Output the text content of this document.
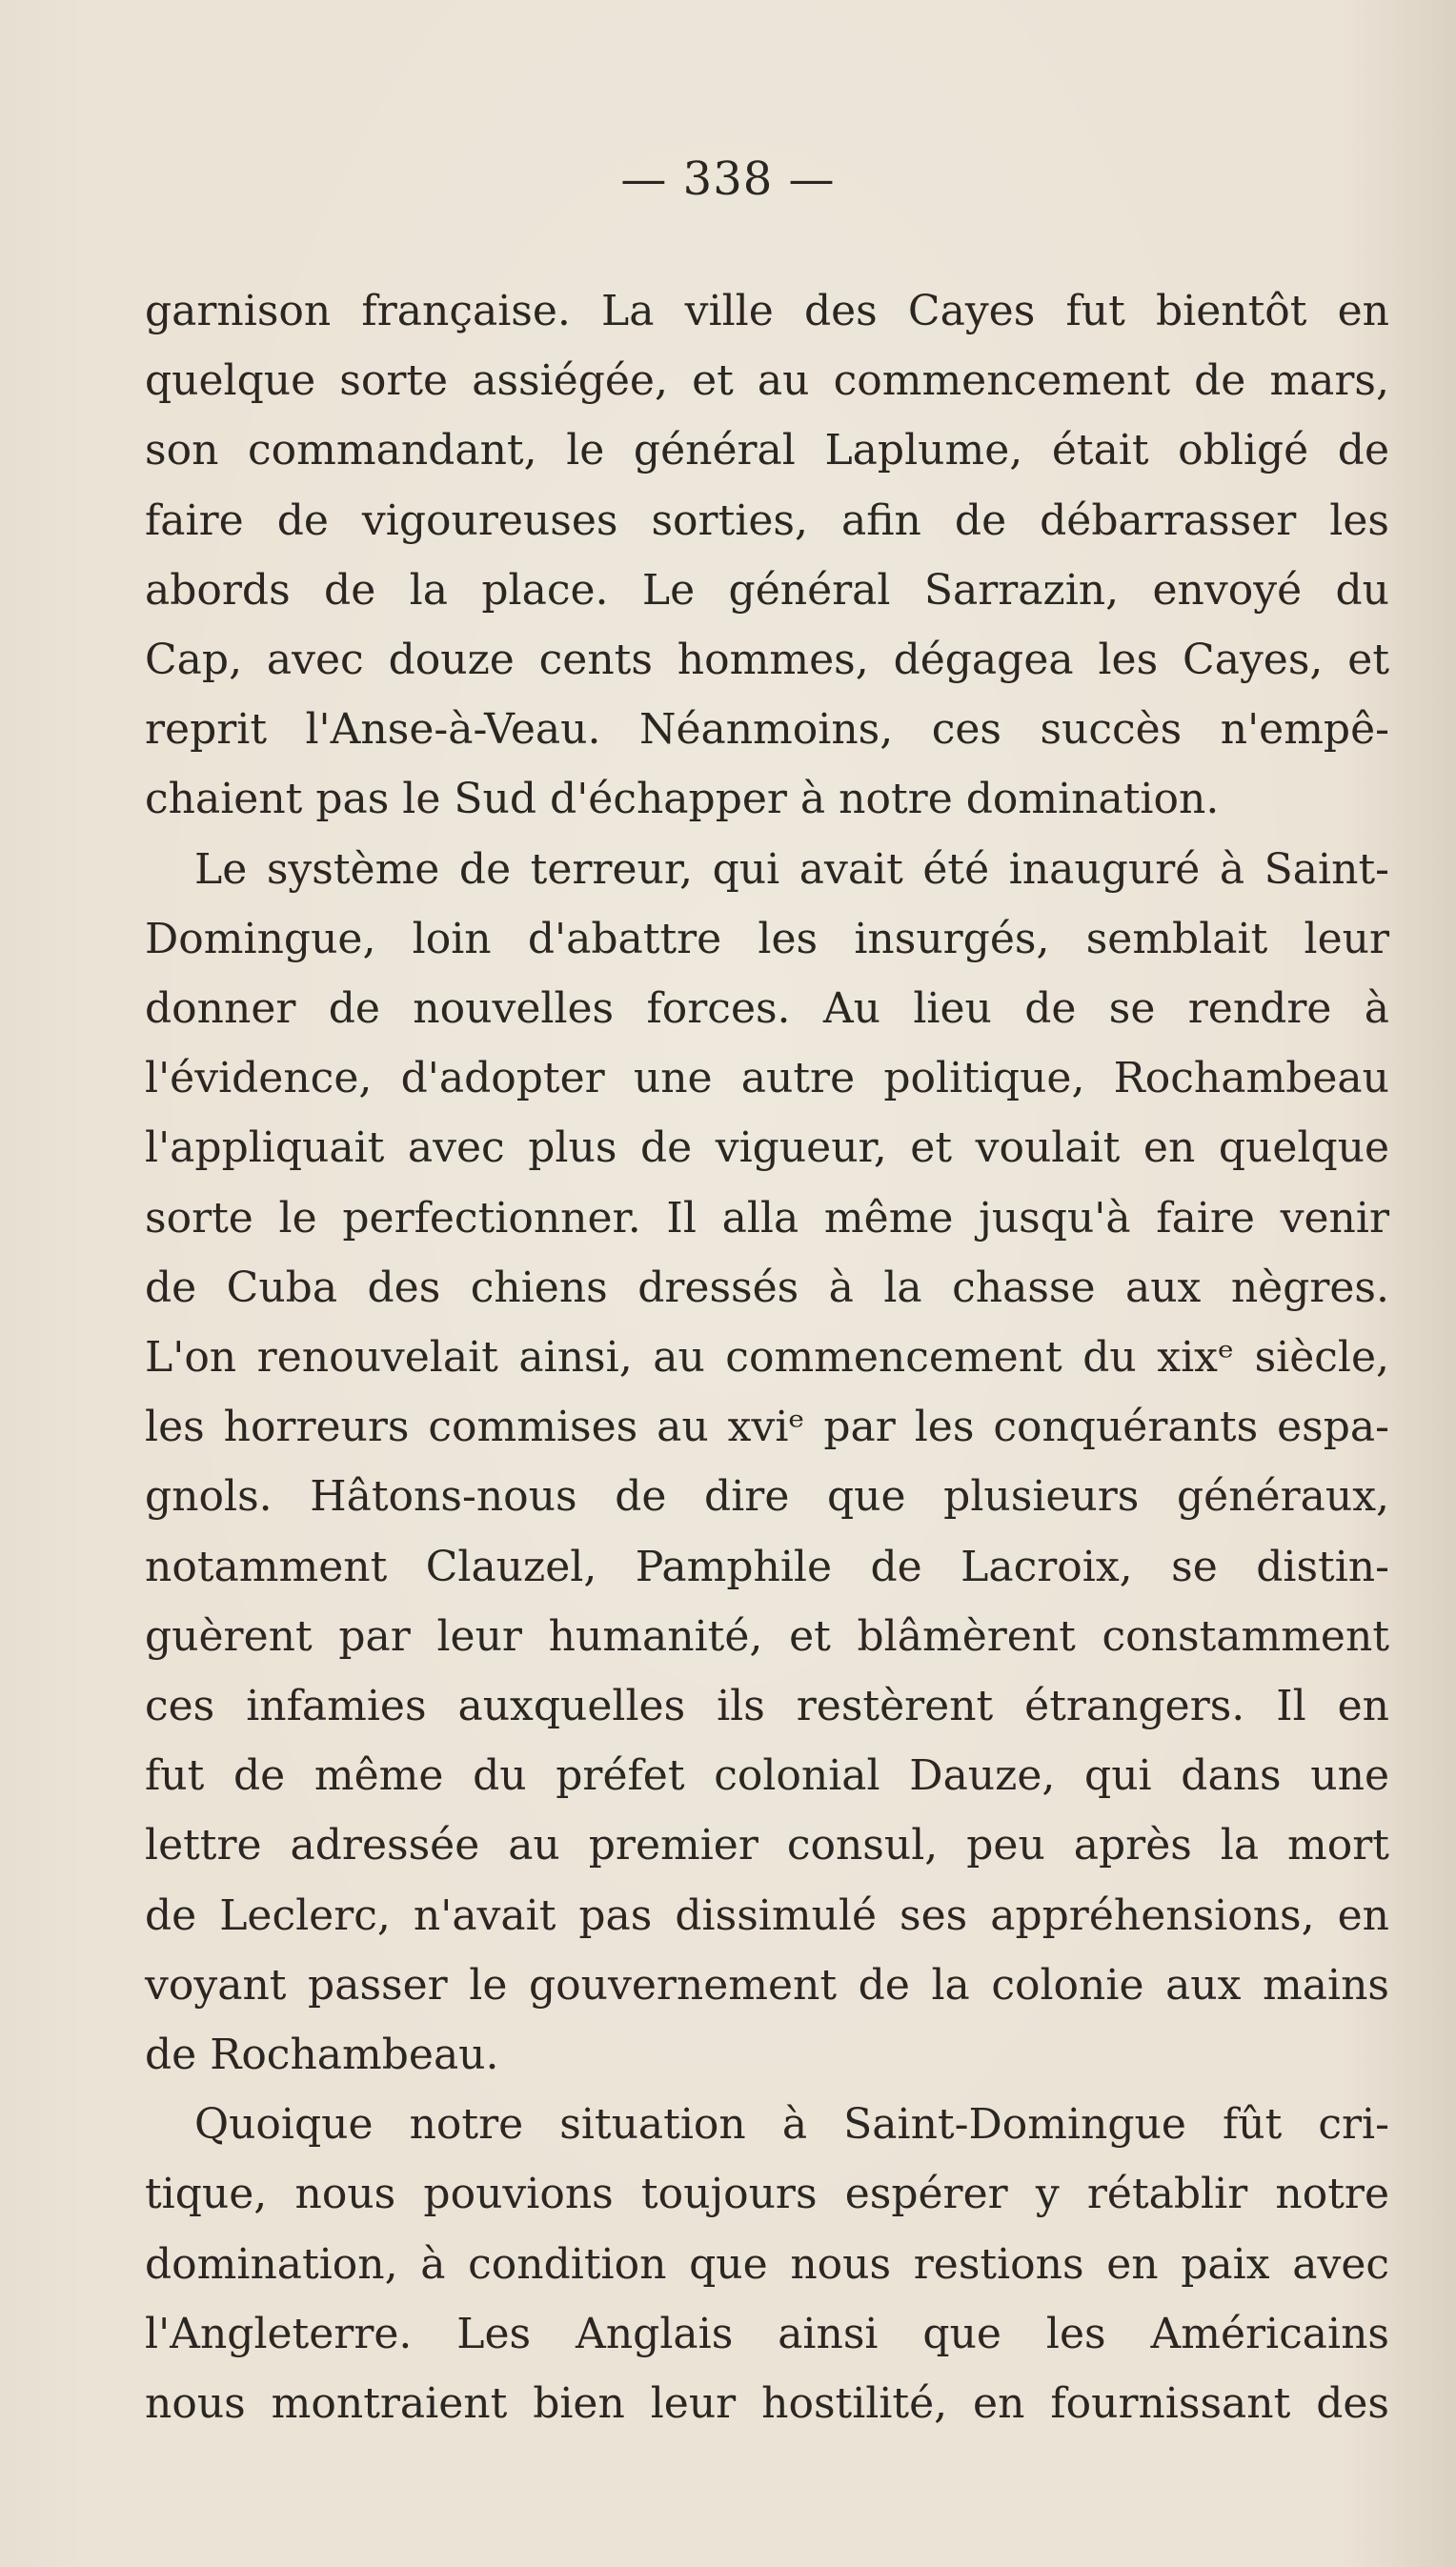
— 338 —

garnison française. La ville des Cayes fut bientôt en
quelque sorte assiégée, et au commencement de mars,
son commandant, le général Laplume, était obligé de
faire de vigoureuses sorties, afin de débarrasser les
abords de la place. Le général Sarrazin, envoyé du
Cap, avec douze cents hommes, dégagea les Cayes, et
reprit l'Anse-à-Veau. Néanmoins, ces succès n'empê-
chaient pas le Sud d'échapper à notre domination.

Le système de terreur, qui avait été inauguré à Saint-
Domingue, loin d'abattre les insurgés, semblait leur
donner de nouvelles forces. Au lieu de se rendre à
l'évidence, d'adopter une autre politique, Rochambeau
l'appliquait avec plus de vigueur, et voulait en quelque
sorte le perfectionner. Il alla même jusqu'à faire venir
de Cuba des chiens dressés à la chasse aux nègres.
L'on renouvelait ainsi, au commencement du xixᵉ siècle,
les horreurs commises au xviᵉ par les conquérants espa-
gnols. Hâtons-nous de dire que plusieurs généraux,
notamment Clauzel, Pamphile de Lacroix, se distin-
guèrent par leur humanité, et blâmèrent constamment
ces infamies auxquelles ils restèrent étrangers. Il en
fut de même du préfet colonial Dauze, qui dans une
lettre adressée au premier consul, peu après la mort
de Leclerc, n'avait pas dissimulé ses appréhensions, en
voyant passer le gouvernement de la colonie aux mains
de Rochambeau.

Quoique notre situation à Saint-Domingue fût cri-
tique, nous pouvions toujours espérer y rétablir notre
domination, à condition que nous restions en paix avec
l'Angleterre. Les Anglais ainsi que les Américains
nous montraient bien leur hostilité, en fournissant des
